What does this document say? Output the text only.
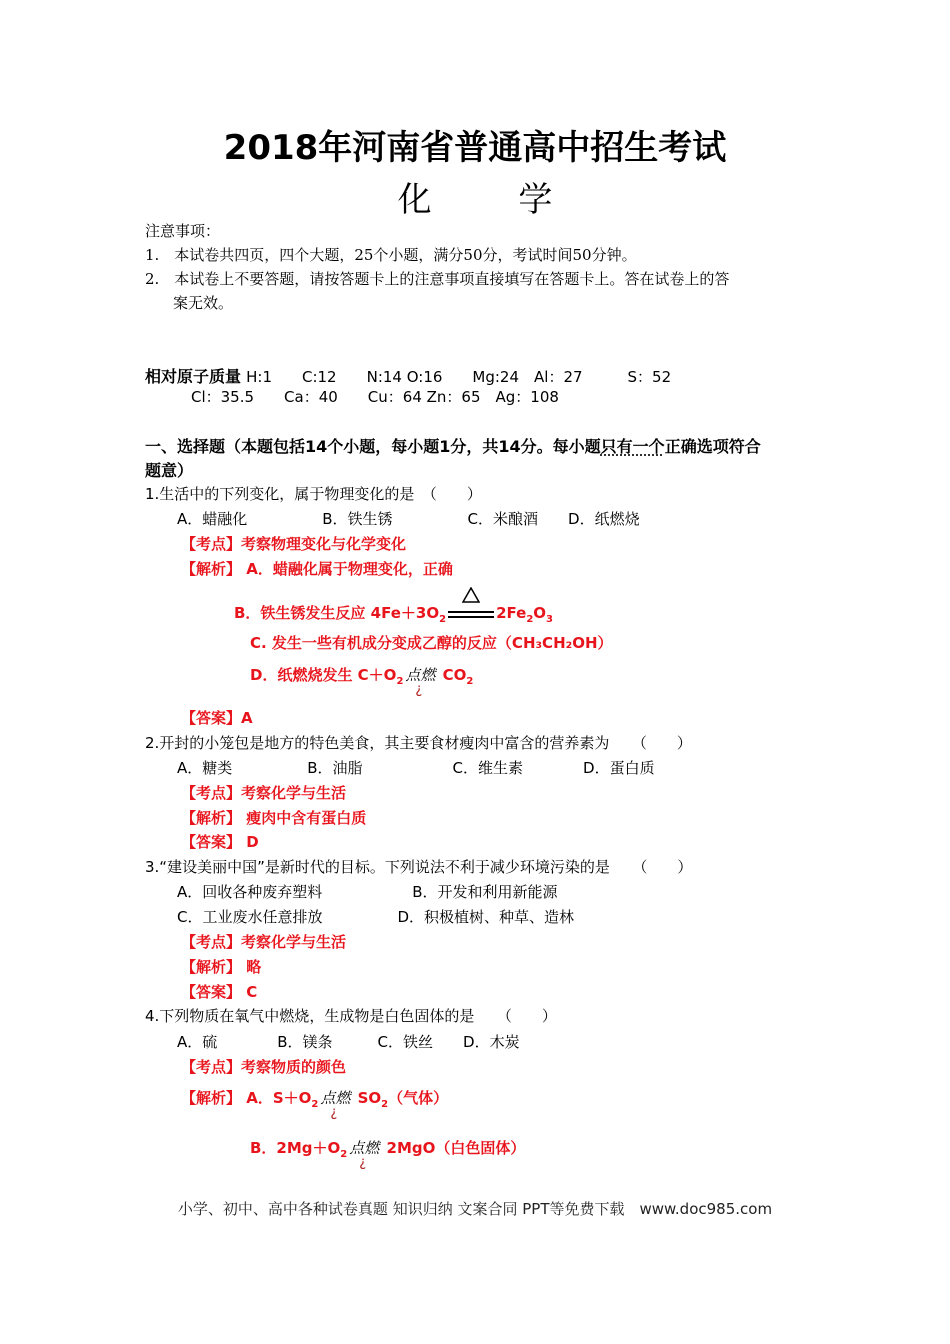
2018年河南省普通高中招生考试
化 学
注意事项：
1.　本试卷共四页，四个大题，25个小题，满分50分，考试时间50分钟。
2.　本试卷上不要答题，请按答题卡上的注意事项直接填写在答题卡上。答在试卷上的答
案无效。
相对原子质量 H:1　　C:12　　N:14 O:16　　Mg:24　Al：27　　　S：52
Cl：35.5　　Ca：40　　Cu：64 Zn：65　Ag：108
一、选择题（本题包括14个小题，每小题1分，共14分。每小题只有一个正确选项符合
题意）
1.生活中的下列变化，属于物理变化的是　（　　）
A．蜡融化　　　　　B．铁生锈　　　　　C．米酿酒　　D．纸燃烧
【考点】考察物理变化与化学变化
【解析】 A．蜡融化属于物理变化，正确
B．铁生锈发生反应 $4Fe+3O_2$	$2Fe_2O_3$
C. 发生一些有机成分变成乙醇的反应（CH₃CH₂OH）
D．纸燃烧发生 $C+O_2$ 点燃
¿
$CO_2$
【答案】A
2.开封的小笼包是地方的特色美食，其主要食材瘦肉中富含的营养素为　　（　　）
A．糖类　　　　　B．油脂　　　　　　C．维生素　　　　D．蛋白质
【考点】考察化学与生活
【解析】 瘦肉中含有蛋白质
【答案】 D
3.“建设美丽中国”是新时代的目标。下列说法不利于减少环境污染的是　　（　　）
A．回收各种废弃塑料　　　　　　B．开发和利用新能源
C．工业废水任意排放　　　　　D．积极植树、种草、造林
【考点】考察化学与生活
【解析】 略
【答案】 C
4.下列物质在氧气中燃烧，生成物是白色固体的是　　（　　）
A．硫　　　　B．镁条　　　C．铁丝　　D．木炭
【考点】考察物质的颜色
【解析】 A．$S+O_2$ 点燃
¿
$SO_2$（气体）
B．$2Mg+O_2$ 点燃
¿
2MgO（白色固体）
小学、初中、高中各种试卷真题 知识归纳 文案合同 PPT等免费下载　www.doc985.com
